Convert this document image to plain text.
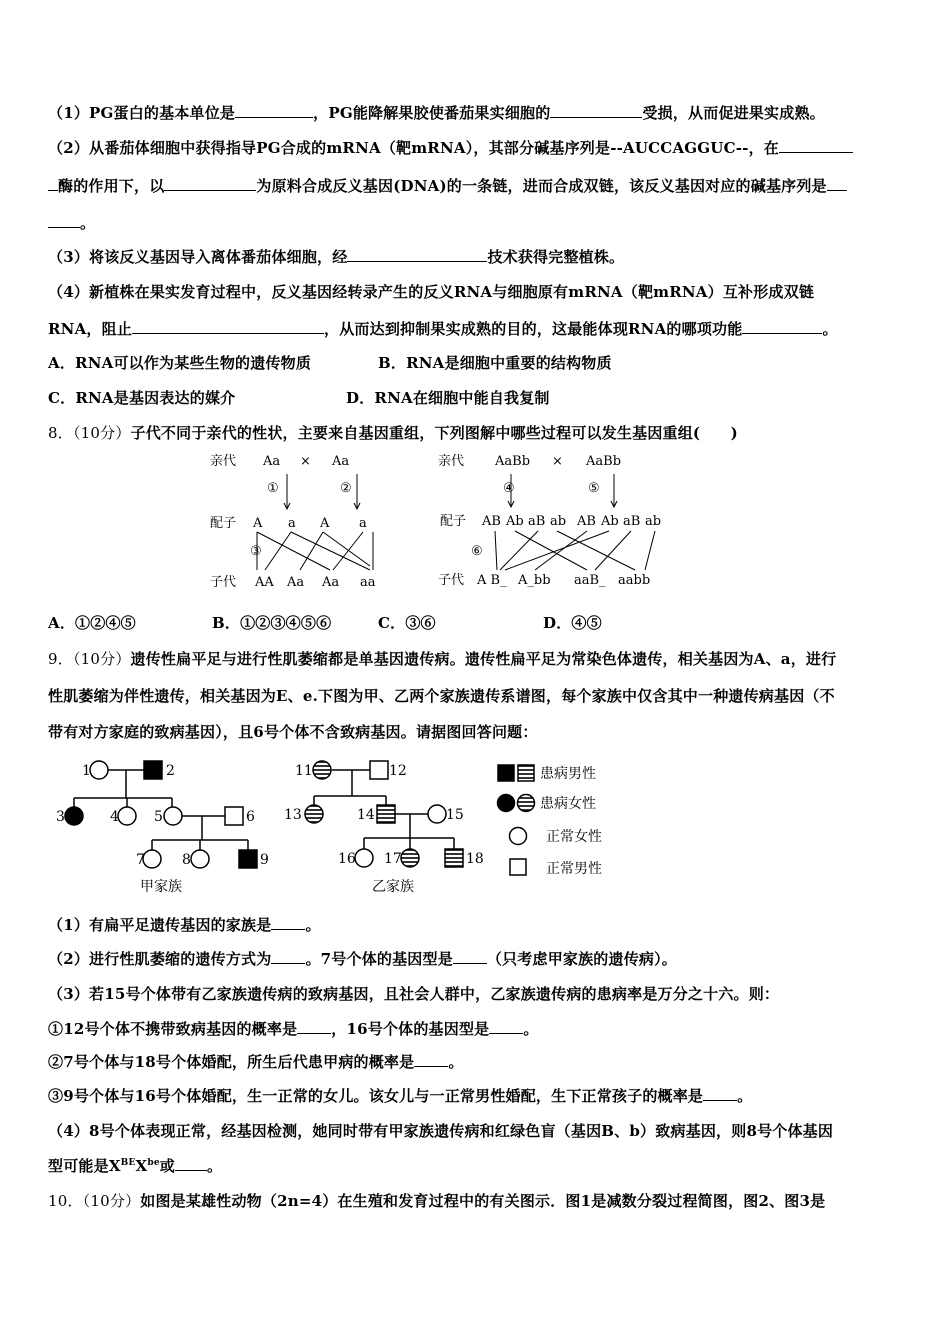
（1）PG蛋白的基本单位是	，PG能降解果胶使番茄果实细胞的	受损，从而促进果实成熟。
（2）从番茄体细胞中获得指导PG合成的mRNA（靶mRNA），其部分碱基序列是--AUCCAGGUC--，在
酶的作用下，以	为原料合成反义基因(DNA)的一条链，进而合成双链，该反义基因对应的碱基序列是
。
（3）将该反义基因导入离体番茄体细胞，经	技术获得完整植株。
（4）新植株在果实发育过程中，反义基因经转录产生的反义RNA与细胞原有mRNA（靶mRNA）互补形成双链
RNA，阻止	，从而达到抑制果实成熟的目的，这最能体现RNA的哪项功能	。
A．RNA可以作为某些生物的遗传物质	B．RNA是细胞中重要的结构物质
C．RNA是基因表达的媒介	D．RNA在细胞中能自我复制
8．（10分）子代不同于亲代的性状，主要来自基因重组，下列图解中哪些过程可以发生基因重组(　　)
亲代 Aa × Aa
①	②
配子 A a A a
③
子代 AA Aa Aa aa
亲代 AaBb × AaBb
④	⑤
配子 AB Ab aB ab AB Ab aB ab
⑥
子代 A B_ A_bb aaB_ aabb
A．①②④⑤	B．①②③④⑤⑥	C．③⑥	D．④⑤
9．（10分）遗传性扁平足与进行性肌萎缩都是单基因遗传病。遗传性扁平足为常染色体遗传，相关基因为A、a，进行
性肌萎缩为伴性遗传，相关基因为E、e.下图为甲、乙两个家族遗传系谱图，每个家族中仅含其中一种遗传病基因（不
带有对方家庭的致病基因），且6号个体不含致病基因。请据图回答问题：
1	2
3	4	5	6
7	8	9
甲家族
11	12
13	14	15
16 17	18
乙家族
患病男性
患病女性
正常女性
正常男性
（1）有扁平足遗传基因的家族是 。
（2）进行性肌萎缩的遗传方式为 。7号个体的基因型是 （只考虑甲家族的遗传病）。
（3）若15号个体带有乙家族遗传病的致病基因，且社会人群中，乙家族遗传病的患病率是万分之十六。则：
①12号个体不携带致病基因的概率是 ，16号个体的基因型是 。
②7号个体与18号个体婚配，所生后代患甲病的概率是 。
③9号个体与16号个体婚配，生一正常的女儿。该女儿与一正常男性婚配，生下正常孩子的概率是 。
（4）8号个体表现正常，经基因检测，她同时带有甲家族遗传病和红绿色盲（基因B、b）致病基因，则8号个体基因
型可能是$X^{BE}X^{be}$或 。
10．（10分）如图是某雄性动物（2n=4）在生殖和发育过程中的有关图示．图1是减数分裂过程简图，图2、图3是
